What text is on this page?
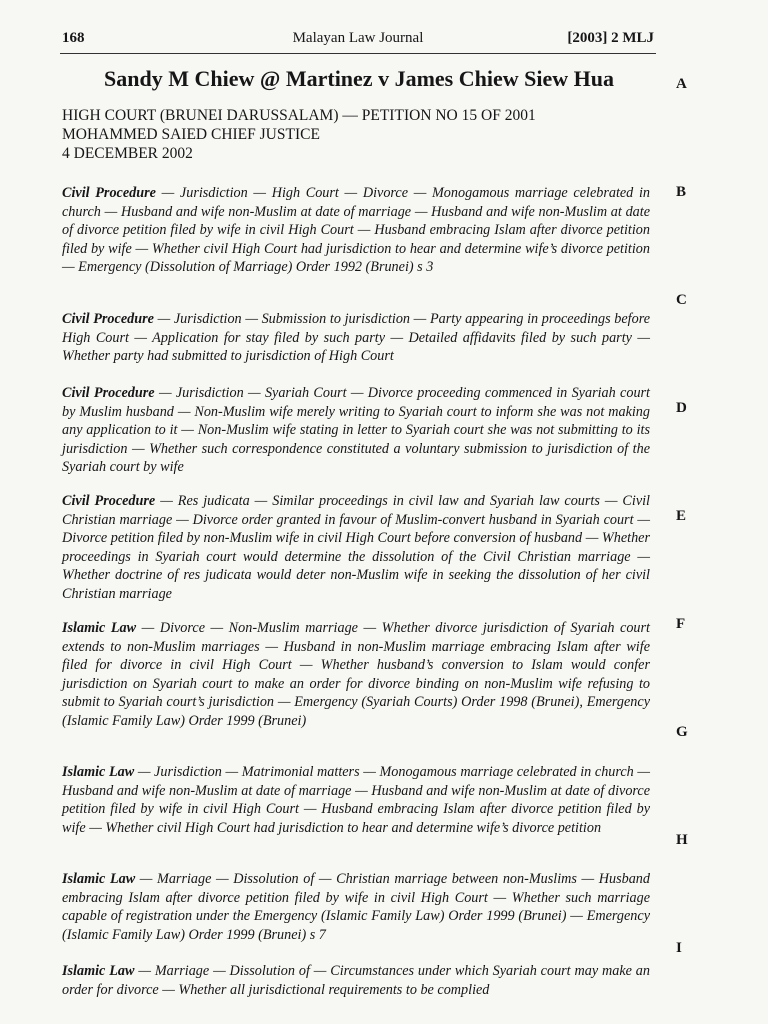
168	Malayan Law Journal	[2003] 2 MLJ
Sandy M Chiew @ Martinez v James Chiew Siew Hua
HIGH COURT (BRUNEI DARUSSALAM) — PETITION NO 15 OF 2001
MOHAMMED SAIED CHIEF JUSTICE
4 DECEMBER 2002
Civil Procedure — Jurisdiction — High Court — Divorce — Monogamous marriage celebrated in church — Husband and wife non-Muslim at date of marriage — Husband and wife non-Muslim at date of divorce petition filed by wife in civil High Court — Husband embracing Islam after divorce petition filed by wife — Whether civil High Court had jurisdiction to hear and determine wife’s divorce petition — Emergency (Dissolution of Marriage) Order 1992 (Brunei) s 3
Civil Procedure — Jurisdiction — Submission to jurisdiction — Party appearing in proceedings before High Court — Application for stay filed by such party — Detailed affidavits filed by such party — Whether party had submitted to jurisdiction of High Court
Civil Procedure — Jurisdiction — Syariah Court — Divorce proceeding commenced in Syariah court by Muslim husband — Non-Muslim wife merely writing to Syariah court to inform she was not making any application to it — Non-Muslim wife stating in letter to Syariah court she was not submitting to its jurisdiction — Whether such correspondence constituted a voluntary submission to jurisdiction of the Syariah court by wife
Civil Procedure — Res judicata — Similar proceedings in civil law and Syariah law courts — Civil Christian marriage — Divorce order granted in favour of Muslim-convert husband in Syariah court — Divorce petition filed by non-Muslim wife in civil High Court before conversion of husband — Whether proceedings in Syariah court would determine the dissolution of the Civil Christian marriage — Whether doctrine of res judicata would deter non-Muslim wife in seeking the dissolution of her civil Christian marriage
Islamic Law — Divorce — Non-Muslim marriage — Whether divorce jurisdiction of Syariah court extends to non-Muslim marriages — Husband in non-Muslim marriage embracing Islam after wife filed for divorce in civil High Court — Whether husband’s conversion to Islam would confer jurisdiction on Syariah court to make an order for divorce binding on non-Muslim wife refusing to submit to Syariah court’s jurisdiction — Emergency (Syariah Courts) Order 1998 (Brunei), Emergency (Islamic Family Law) Order 1999 (Brunei)
Islamic Law — Jurisdiction — Matrimonial matters — Monogamous marriage celebrated in church — Husband and wife non-Muslim at date of marriage — Husband and wife non-Muslim at date of divorce petition filed by wife in civil High Court — Husband embracing Islam after divorce petition filed by wife — Whether civil High Court had jurisdiction to hear and determine wife’s divorce petition
Islamic Law — Marriage — Dissolution of — Christian marriage between non-Muslims — Husband embracing Islam after divorce petition filed by wife in civil High Court — Whether such marriage capable of registration under the Emergency (Islamic Family Law) Order 1999 (Brunei) — Emergency (Islamic Family Law) Order 1999 (Brunei) s 7
Islamic Law — Marriage — Dissolution of — Circumstances under which Syariah court may make an order for divorce — Whether all jurisdictional requirements to be complied
A
B
C
D
E
F
G
H
I
